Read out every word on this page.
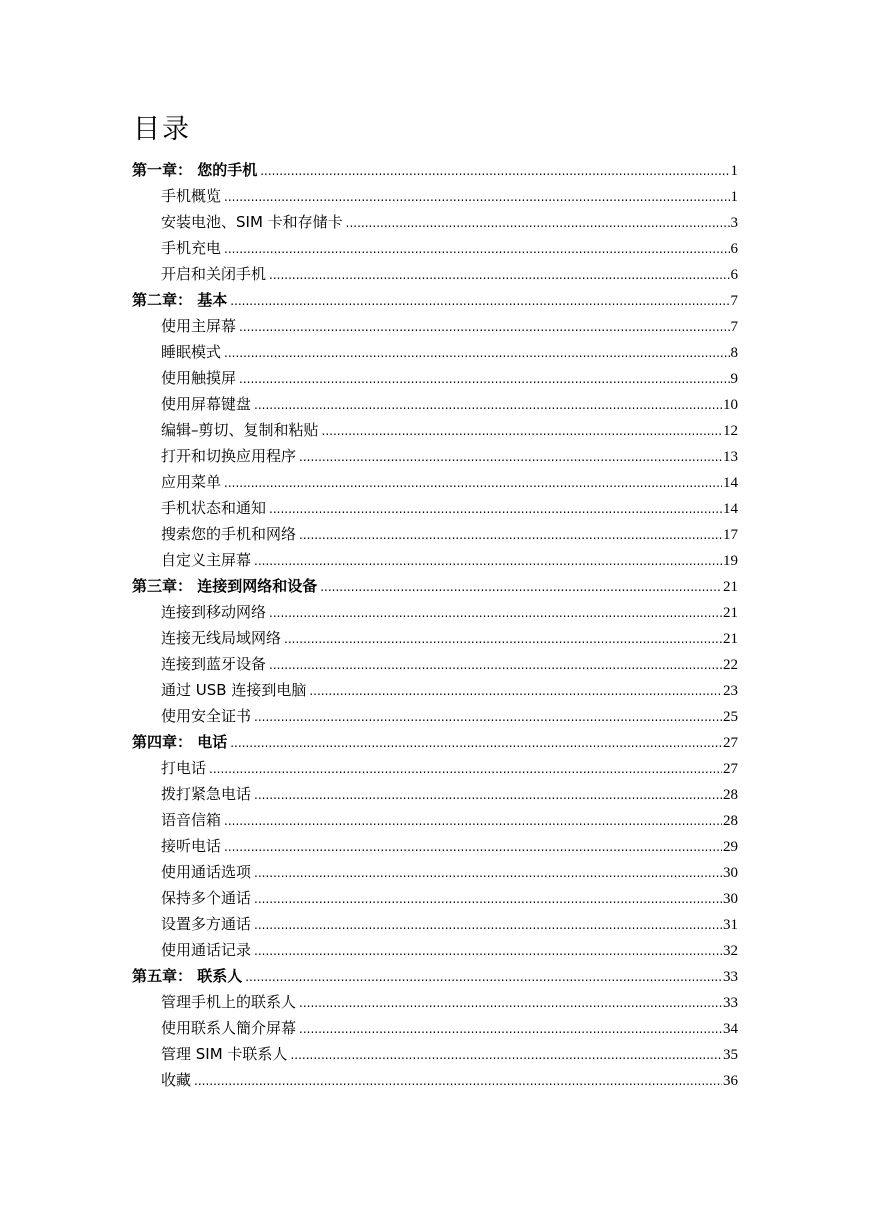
目录
第一章： 您的手机 .....	1
手机概览 .....	1
安装电池、SIM 卡和存储卡 .....	3
手机充电 .....	6
开启和关闭手机 .....	6
第二章： 基本 .....	7
使用主屏幕 .....	7
睡眠模式 .....	8
使用触摸屏 .....	9
使用屏幕键盘 .....	10
编辑–剪切、复制和粘贴 .....	12
打开和切换应用程序 .....	13
应用菜单 .....	14
手机状态和通知 .....	14
搜索您的手机和网络 .....	17
自定义主屏幕 .....	19
第三章： 连接到网络和设备 .....	21
连接到移动网络 .....	21
连接无线局域网络 .....	21
连接到蓝牙设备 .....	22
通过 USB 连接到电脑 .....	23
使用安全证书 .....	25
第四章： 电话 .....	27
打电话 .....	27
拨打紧急电话 .....	28
语音信箱 .....	28
接听电话 .....	29
使用通话选项 .....	30
保持多个通话 .....	30
设置多方通话 .....	31
使用通话记录 .....	32
第五章： 联系人 .....	33
管理手机上的联系人 .....	33
使用联系人簡介屏幕 .....	34
管理 SIM 卡联系人 .....	35
收藏 .....	36
